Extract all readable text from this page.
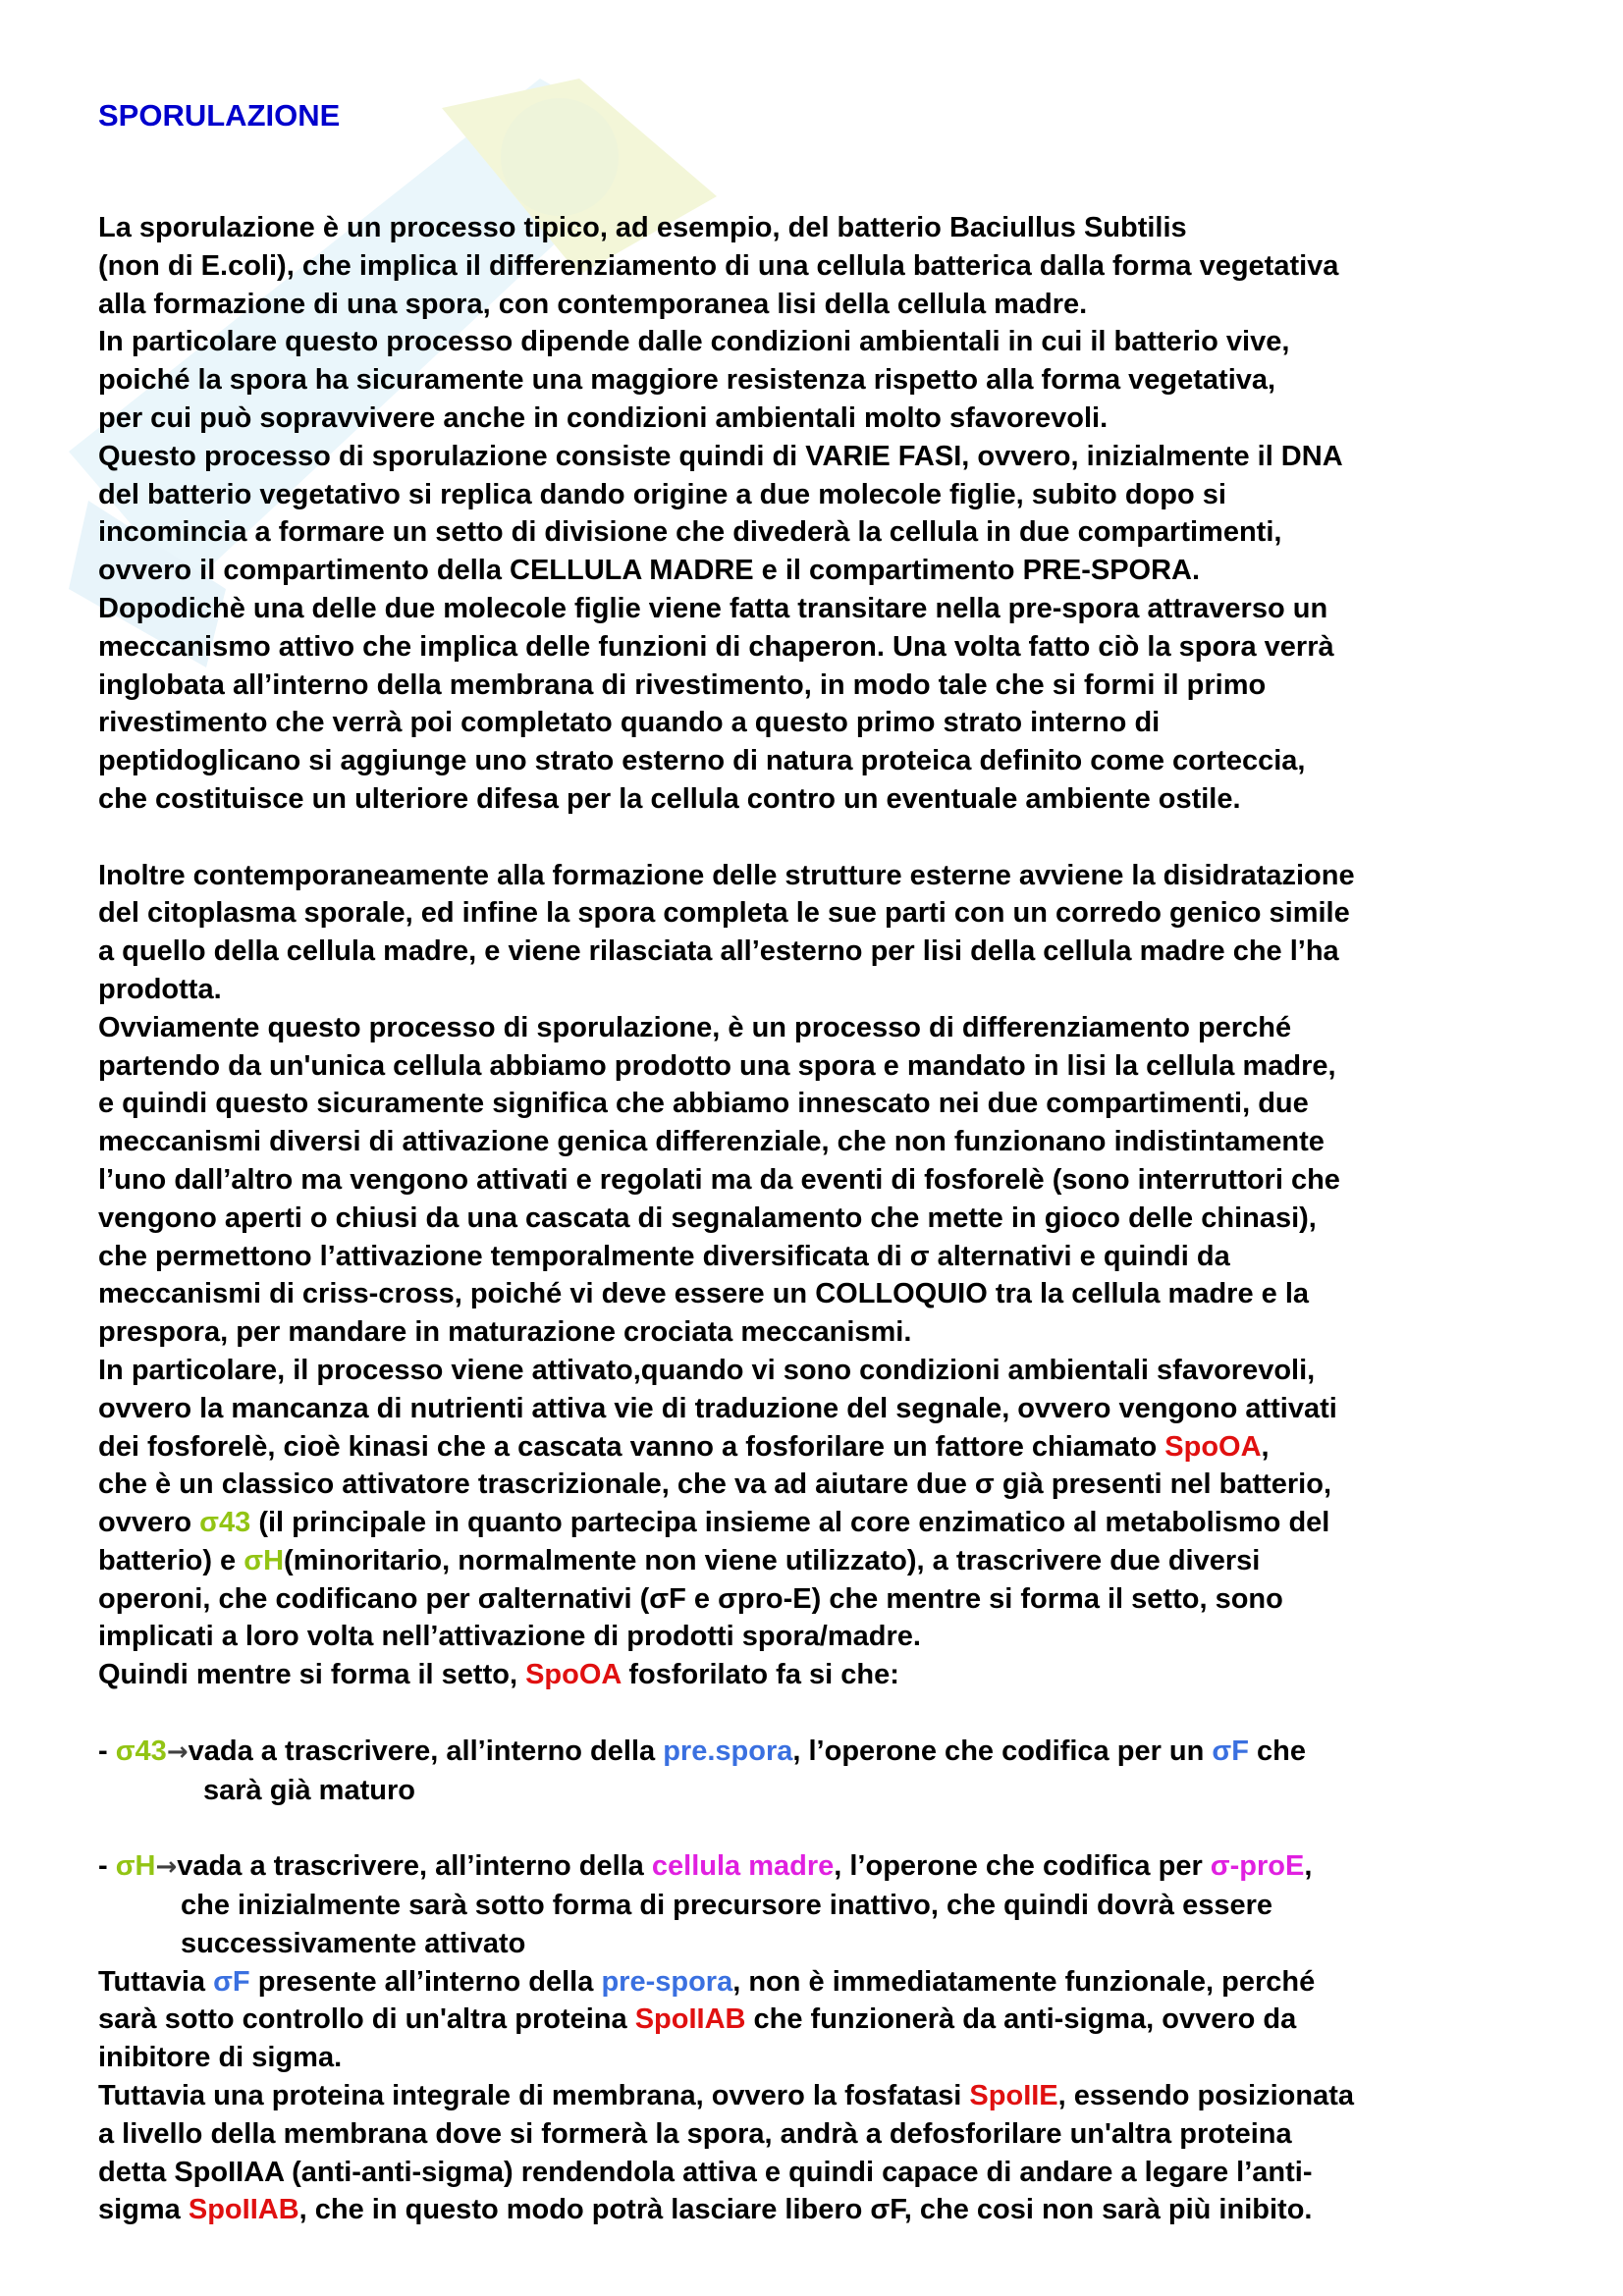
SPORULAZIONE

La sporulazione è un processo tipico, ad esempio, del batterio Baciullus Subtilis

(non di E.coli), che implica il differenziamento di una cellula batterica dalla forma vegetativa

alla formazione di una spora, con contemporanea lisi della cellula madre.

In particolare questo processo dipende dalle condizioni ambientali in cui il batterio vive,

poiché la spora ha sicuramente una maggiore resistenza rispetto alla forma vegetativa,

per cui può sopravvivere anche in condizioni ambientali molto sfavorevoli.

Questo processo di sporulazione consiste quindi di VARIE FASI, ovvero, inizialmente il DNA

del batterio vegetativo si replica dando origine a due molecole figlie, subito dopo si

incomincia a formare un setto di divisione che divederà la cellula in due compartimenti,

ovvero il compartimento della CELLULA MADRE e il compartimento PRE-SPORA.

Dopodichè una delle due molecole figlie viene fatta transitare nella pre-spora attraverso un

meccanismo attivo che implica delle funzioni di chaperon. Una volta fatto ciò la spora verrà

inglobata all’interno della membrana di rivestimento, in modo tale che si formi il primo

rivestimento che verrà poi completato quando a questo primo strato interno di

peptidoglicano si aggiunge uno strato esterno di natura proteica definito come corteccia,

che costituisce un ulteriore difesa per la cellula contro un eventuale ambiente ostile.

Inoltre contemporaneamente alla formazione delle strutture esterne avviene la disidratazione

del citoplasma sporale, ed infine la spora completa le sue parti con un corredo genico simile

a quello della cellula madre, e viene rilasciata all’esterno per lisi della cellula madre che l’ha

prodotta.

Ovviamente questo processo di sporulazione, è un processo di differenziamento perché

partendo da un'unica cellula abbiamo prodotto una spora e mandato in lisi la cellula madre,

e quindi questo sicuramente significa che abbiamo innescato nei due compartimenti, due

meccanismi diversi di attivazione genica differenziale, che non funzionano indistintamente

l’uno dall’altro ma vengono attivati e regolati ma da eventi di fosforelè (sono interruttori che

vengono aperti o chiusi da una cascata di segnalamento che mette in gioco delle chinasi),

che permettono l’attivazione temporalmente diversificata di σ alternativi e quindi da

meccanismi di criss-cross, poiché vi deve essere un COLLOQUIO tra la cellula madre e la

prespora, per mandare in maturazione crociata meccanismi.

In particolare, il processo viene attivato,quando vi sono condizioni ambientali sfavorevoli,

ovvero la mancanza di nutrienti attiva vie di traduzione del segnale, ovvero vengono attivati

dei fosforelè, cioè kinasi che a cascata vanno a fosforilare un fattore chiamato SpoOA,

che è un classico attivatore trascrizionale, che va ad aiutare due σ già presenti nel batterio,

ovvero σ43 (il principale in quanto partecipa insieme al core enzimatico al metabolismo del

batterio) e σH(minoritario, normalmente non viene utilizzato), a trascrivere due diversi

operoni, che codificano per σalternativi (σF e σpro-E) che mentre si forma il setto, sono

implicati a loro volta nell’attivazione di prodotti spora/madre.

Quindi mentre si forma il setto, SpoOA fosforilato fa si che:

- σ43→vada a trascrivere, all’interno della pre.spora, l’operone che codifica per un σF che

sarà già maturo

- σH→vada a trascrivere, all’interno della cellula madre, l’operone che codifica per σ-proE,

che inizialmente sarà sotto forma di precursore inattivo, che quindi dovrà essere

successivamente attivato

Tuttavia σF presente all’interno della pre-spora, non è immediatamente funzionale, perché

sarà sotto controllo di un'altra proteina SpoIIAB che funzionerà da anti-sigma, ovvero da

inibitore di sigma.

Tuttavia una proteina integrale di membrana, ovvero la fosfatasi SpoIIE, essendo posizionata

a livello della membrana dove si formerà la spora, andrà a defosforilare un'altra proteina

detta SpoIIAA (anti-anti-sigma) rendendola attiva e quindi capace di andare a legare l’anti-

sigma SpoIIAB, che in questo modo potrà lasciare libero σF, che cosi non sarà più inibito.
